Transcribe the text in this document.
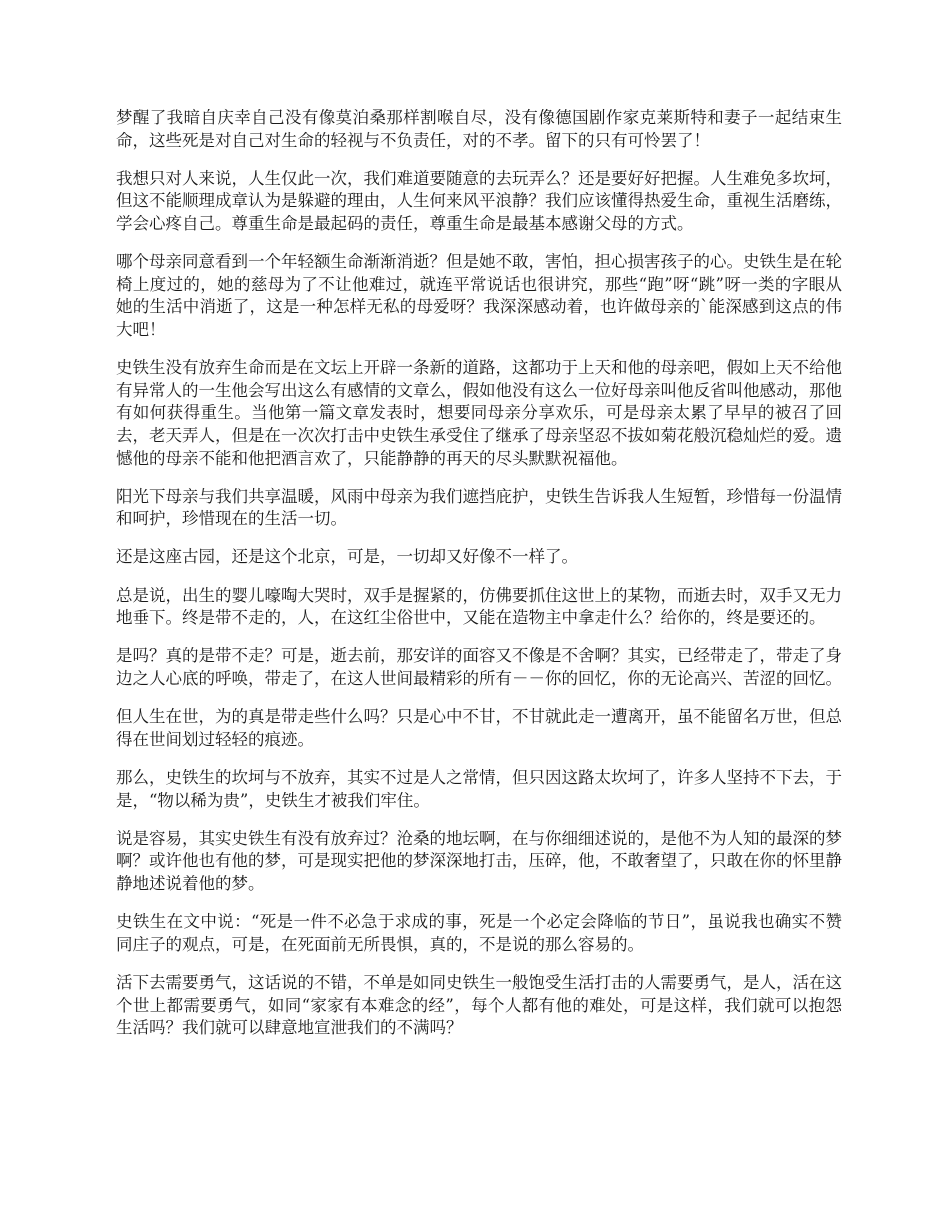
梦醒了我暗自庆幸自己没有像莫泊桑那样割喉自尽，没有像德国剧作家克莱斯特和妻子一起结束生命，这些死是对自己对生命的轻视与不负责任，对的不孝。留下的只有可怜罢了！

我想只对人来说，人生仅此一次，我们难道要随意的去玩弄么？还是要好好把握。人生难免多坎坷，但这不能顺理成章认为是躲避的理由，人生何来风平浪静？我们应该懂得热爱生命，重视生活磨练，学会心疼自己。尊重生命是最起码的责任，尊重生命是最基本感谢父母的方式。

哪个母亲同意看到一个年轻额生命渐渐消逝？但是她不敢，害怕，担心损害孩子的心。史铁生是在轮椅上度过的，她的慈母为了不让他难过，就连平常说话也很讲究，那些“跑”呀“跳”呀一类的字眼从她的生活中消逝了，这是一种怎样无私的母爱呀？我深深感动着，也许做母亲的`能深感到这点的伟大吧！

史铁生没有放弃生命而是在文坛上开辟一条新的道路，这都功于上天和他的母亲吧，假如上天不给他有异常人的一生他会写出这么有感情的文章么，假如他没有这么一位好母亲叫他反省叫他感动，那他有如何获得重生。当他第一篇文章发表时，想要同母亲分享欢乐，可是母亲太累了早早的被召了回去，老天弄人，但是在一次次打击中史铁生承受住了继承了母亲坚忍不拔如菊花般沉稳灿烂的爱。遗憾他的母亲不能和他把酒言欢了，只能静静的再天的尽头默默祝福他。

阳光下母亲与我们共享温暖，风雨中母亲为我们遮挡庇护，史铁生告诉我人生短暂，珍惜每一份温情和呵护，珍惜现在的生活一切。

还是这座古园，还是这个北京，可是，一切却又好像不一样了。

总是说，出生的婴儿嚎啕大哭时，双手是握紧的，仿佛要抓住这世上的某物，而逝去时，双手又无力地垂下。终是带不走的，人，在这红尘俗世中，又能在造物主中拿走什么？给你的，终是要还的。

是吗？真的是带不走？可是，逝去前，那安详的面容又不像是不舍啊？其实，已经带走了，带走了身边之人心底的呼唤，带走了，在这人世间最精彩的所有－－你的回忆，你的无论高兴、苦涩的回忆。

但人生在世，为的真是带走些什么吗？只是心中不甘，不甘就此走一遭离开，虽不能留名万世，但总得在世间划过轻轻的痕迹。

那么，史铁生的坎坷与不放弃，其实不过是人之常情，但只因这路太坎坷了，许多人坚持不下去，于是，“物以稀为贵”，史铁生才被我们牢住。

说是容易，其实史铁生有没有放弃过？沧桑的地坛啊，在与你细细述说的，是他不为人知的最深的梦啊？或许他也有他的梦，可是现实把他的梦深深地打击，压碎，他，不敢奢望了，只敢在你的怀里静静地述说着他的梦。

史铁生在文中说：“死是一件不必急于求成的事，死是一个必定会降临的节日”，虽说我也确实不赞同庄子的观点，可是，在死面前无所畏惧，真的，不是说的那么容易的。

活下去需要勇气，这话说的不错，不单是如同史铁生一般饱受生活打击的人需要勇气，是人，活在这个世上都需要勇气，如同“家家有本难念的经”，每个人都有他的难处，可是这样，我们就可以抱怨生活吗？我们就可以肆意地宣泄我们的不满吗？
